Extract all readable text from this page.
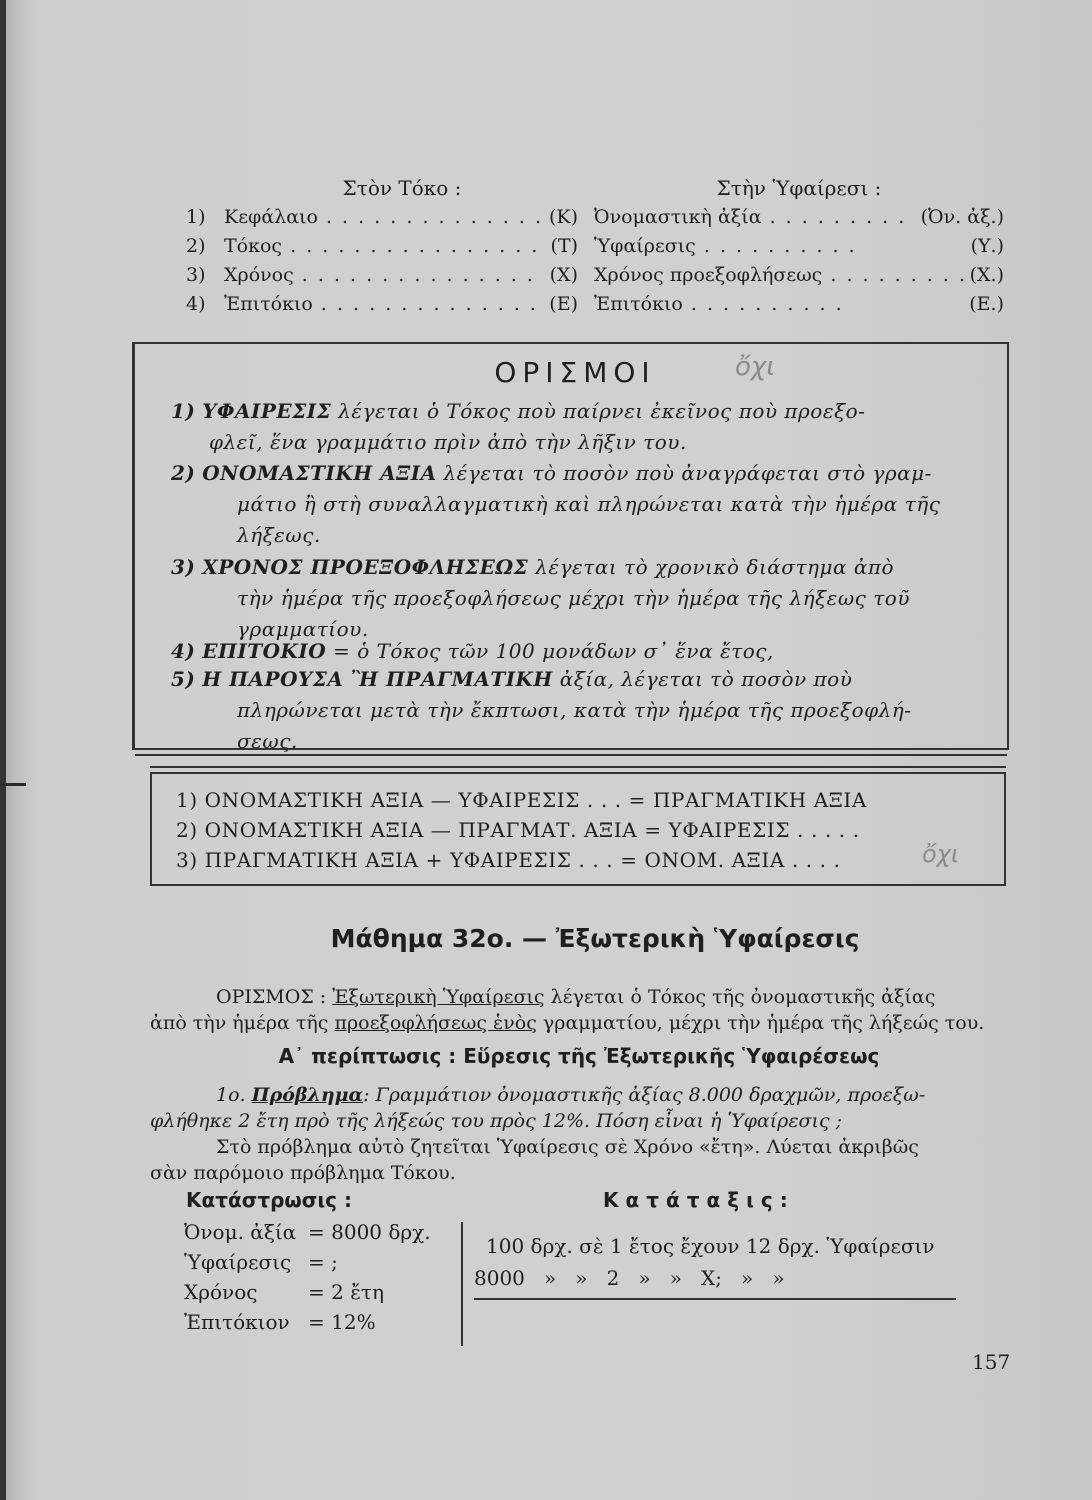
Στὸν Τόκο :
1) Κεφάλαιο . . .	(Κ)
2) Τόκος . . .	(Τ)
3) Χρόνος . . .	(Χ)
4) Ἐπιτόκιο . . .	(Ε)
Στὴν Ὑφαίρεσι :
Ὀνομαστικὴ ἀξία . . .	(Ὀν. ἀξ.)
Ὑφαίρεσις . . .	(Υ.)
Χρόνος προεξοφλήσεως . . .	(Χ.)
Ἐπιτόκιο . . .	(Ε.)
ΟΡΙΣΜΟΙ	ὄχι
1) ΥΦΑΙΡΕΣΙΣ λέγεται ὁ Τόκος ποὺ παίρνει ἐκεῖνος ποὺ προεξο-
φλεῖ, ἕνα γραμμάτιο πρὶν ἀπὸ τὴν λῆξιν του.
2) ΟΝΟΜΑΣΤΙΚΗ ΑΞΙΑ λέγεται τὸ ποσὸν ποὺ ἀναγράφεται στὸ γραμ-
μάτιο ἢ στὴ συναλλαγματικὴ καὶ πληρώνεται κατὰ τὴν ἡμέρα τῆς
λήξεως.
3) ΧΡΟΝΟΣ ΠΡΟΕΞΟΦΛΗΣΕΩΣ λέγεται τὸ χρονικὸ διάστημα ἀπὸ
τὴν ἡμέρα τῆς προεξοφλήσεως μέχρι τὴν ἡμέρα τῆς λήξεως τοῦ
γραμματίου.
4) ΕΠΙΤΟΚΙΟ = ὁ Τόκος τῶν 100 μονάδων σ᾽ ἕνα ἔτος,
5) Η ΠΑΡΟΥΣΑ Ἢ ΠΡΑΓΜΑΤΙΚΗ ἀξία, λέγεται τὸ ποσὸν ποὺ
πληρώνεται μετὰ τὴν ἔκπτωσι, κατὰ τὴν ἡμέρα τῆς προεξοφλή-
σεως.
1) ΟΝΟΜΑΣΤΙΚΗ ΑΞΙΑ — ΥΦΑΙΡΕΣΙΣ . . . = ΠΡΑΓΜΑΤΙΚΗ ΑΞΙΑ
2) ΟΝΟΜΑΣΤΙΚΗ ΑΞΙΑ — ΠΡΑΓΜΑΤ. ΑΞΙΑ = ΥΦΑΙΡΕΣΙΣ . . . . .
3) ΠΡΑΓΜΑΤΙΚΗ ΑΞΙΑ + ΥΦΑΙΡΕΣΙΣ . . . = ΟΝΟΜ. ΑΞΙΑ . . . .	ὄχι
Μάθημα 32ο. — Ἐξωτερικὴ Ὑφαίρεσις
ΟΡΙΣΜΟΣ : Ἐξωτερικὴ Ὑφαίρεσις λέγεται ὁ Τόκος τῆς ὀνομαστικῆς ἀξίας
ἀπὸ τὴν ἡμέρα τῆς προεξοφλήσεως ἑνὸς γραμματίου, μέχρι τὴν ἡμέρα τῆς λήξεώς του.
Α᾽ περίπτωσις : Εὕρεσις τῆς Ἐξωτερικῆς Ὑφαιρέσεως
1ο. Πρόβλημα: Γραμμάτιον ὀνομαστικῆς ἀξίας 8.000 δραχμῶν, προεξω-
φλήθηκε 2 ἔτη πρὸ τῆς λήξεώς του πρὸς 12%. Πόση εἶναι ἡ Ὑφαίρεσις ;
Στὸ πρόβλημα αὐτὸ ζητεῖται Ὑφαίρεσις σὲ Χρόνο «ἔτη». Λύεται ἀκριβῶς
σὰν παρόμοιο πρόβλημα Τόκου.
Κατάστρωσις :
Ὀνομ. ἀξία = 8000 δρχ.
Ὑφαίρεσις = ;
Χρόνος	= 2 ἔτη
Ἐπιτόκιον = 12%
Κατάταξις:
100 δρχ. σὲ 1 ἔτος ἔχουν 12 δρχ. Ὑφαίρεσιν
8000   »   »   2   »   »   Χ;   »   »
157
